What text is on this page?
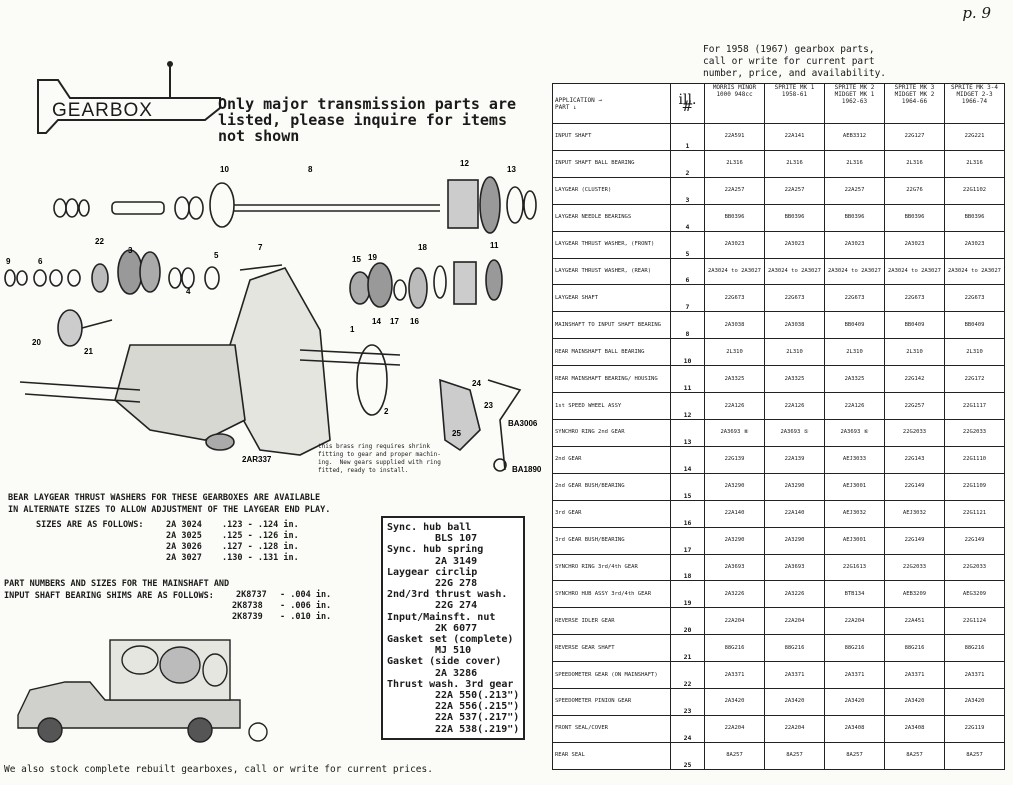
p. 9
For 1958 (1967) gearbox parts,
call or write for current part
number, price, and availability.
GEARBOX	Only major transmission parts are
listed, please inquire for items
not shown
10	8
12
13
22
3	7
5
9	6
4
15 19
18	11
14 17 16
20
21
1
2
25
24
23
2AR337
BA3006
BA1890
this brass ring requires shrink
fitting to gear and proper machin-
ing.  New gears supplied with ring
fitted, ready to install.
BEAR LAYGEAR THRUST WASHERS FOR THESE GEARBOXES ARE AVAILABLE
IN ALTERNATE SIZES TO ALLOW ADJUSTMENT OF THE LAYGEAR END PLAY.
SIZES ARE AS FOLLOWS:	2A 3024 .123 - .124 in.
2A 3025 .125 - .126 in.
2A 3026 .127 - .128 in.
2A 3027 .130 - .131 in.
PART NUMBERS AND SIZES FOR THE MAINSHAFT AND
INPUT SHAFT BEARING SHIMS ARE AS FOLLOWS:	2K8737 - .004 in.
2K8738 - .006 in.
2K8739 - .010 in.
Sync. hub ball
BLS 107
Sync. hub spring
2A 3149
Laygear circlip
22G 278
2nd/3rd thrust wash.
22G 274
Input/Mainsft. nut
2K 6077
Gasket set (complete)
MJ 510
Gasket (side cover)
2A 3286
Thrust wash. 3rd gear
22A 550(.213")
22A 556(.215")
22A 537(.217")
22A 538(.219")
We also stock complete rebuilt gearboxes, call or write for current prices.
APPLICATION →
PART ↓	ill. #	MORRIS MINOR 1000 948cc	SPRITE MK 1 1958-61	SPRITE MK 2 MIDGET MK 1 1962-63	SPRITE MK 3 MIDGET MK 2 1964-66	SPRITE MK 3-4 MIDGET 2-3 1966-74
INPUT SHAFT	1	22A591	22A141	AEB3312	22G127	22G221
INPUT SHAFT BALL BEARING	2	2L316	2L316	2L316	2L316	2L316
LAYGEAR (CLUSTER)	3	22A257	22A257	22A257	22G76	22G1102
LAYGEAR NEEDLE BEARINGS	4	BB0396	BB0396	BB0396	BB0396	BB0396
LAYGEAR THRUST WASHER, (FRONT)	5	2A3023	2A3023	2A3023	2A3023	2A3023
LAYGEAR THRUST WASHER, (REAR)	6	2A3024 to 2A3027	2A3024 to 2A3027	2A3024 to 2A3027	2A3024 to 2A3027	2A3024 to 2A3027
LAYGEAR SHAFT	7	22G673	22G673	22G673	22G673	22G673
MAINSHAFT TO INPUT SHAFT BEARING	8	2A3038	2A3038	BB0409	BB0409	BB0409
REAR MAINSHAFT BALL BEARING	10	2L310	2L310	2L310	2L310	2L310
REAR MAINSHAFT BEARING/ HOUSING	11	2A3325	2A3325	2A3325	22G142	22G172
1st SPEED WHEEL ASSY	12	22A126	22A126	22A126	22G257	22G1117
SYNCHRO RING 2nd GEAR	13	2A3693 ⑧	2A3693 ⑤	2A3693 ⑥	22G2033	22G2033
2nd GEAR	14	22G139	22A139	AEJ3033	22G143	22G1110
2nd GEAR BUSH/BEARING	15	2A3290	2A3290	AEJ3001	22G149	22G1109
3rd GEAR	16	22A140	22A140	AEJ3032	AEJ3032	22G1121
3rd GEAR BUSH/BEARING	17	2A3290	2A3290	AEJ3001	22G149	22G149
SYNCHRO RING 3rd/4th GEAR	18	2A3693	2A3693	22G1613	22G2033	22G2033
SYNCHRO HUB ASSY 3rd/4th GEAR	19	2A3226	2A3226	BTB134	AEB3209	AEG3209
REVERSE IDLER GEAR	20	22A204	22A204	22A204	22A451	22G1124
REVERSE GEAR SHAFT	21	88G216	88G216	88G216	88G216	88G216
SPEEDOMETER GEAR (ON MAINSHAFT)	22	2A3371	2A3371	2A3371	2A3371	2A3371
SPEEDOMETER PINION GEAR	23	2A3420	2A3420	2A3420	2A3420	2A3420
FRONT SEAL/COVER	24	22A204	22A204	2A3408	2A3408	22G119
REAR SEAL	25	8A257	8A257	8A257	8A257	8A257
